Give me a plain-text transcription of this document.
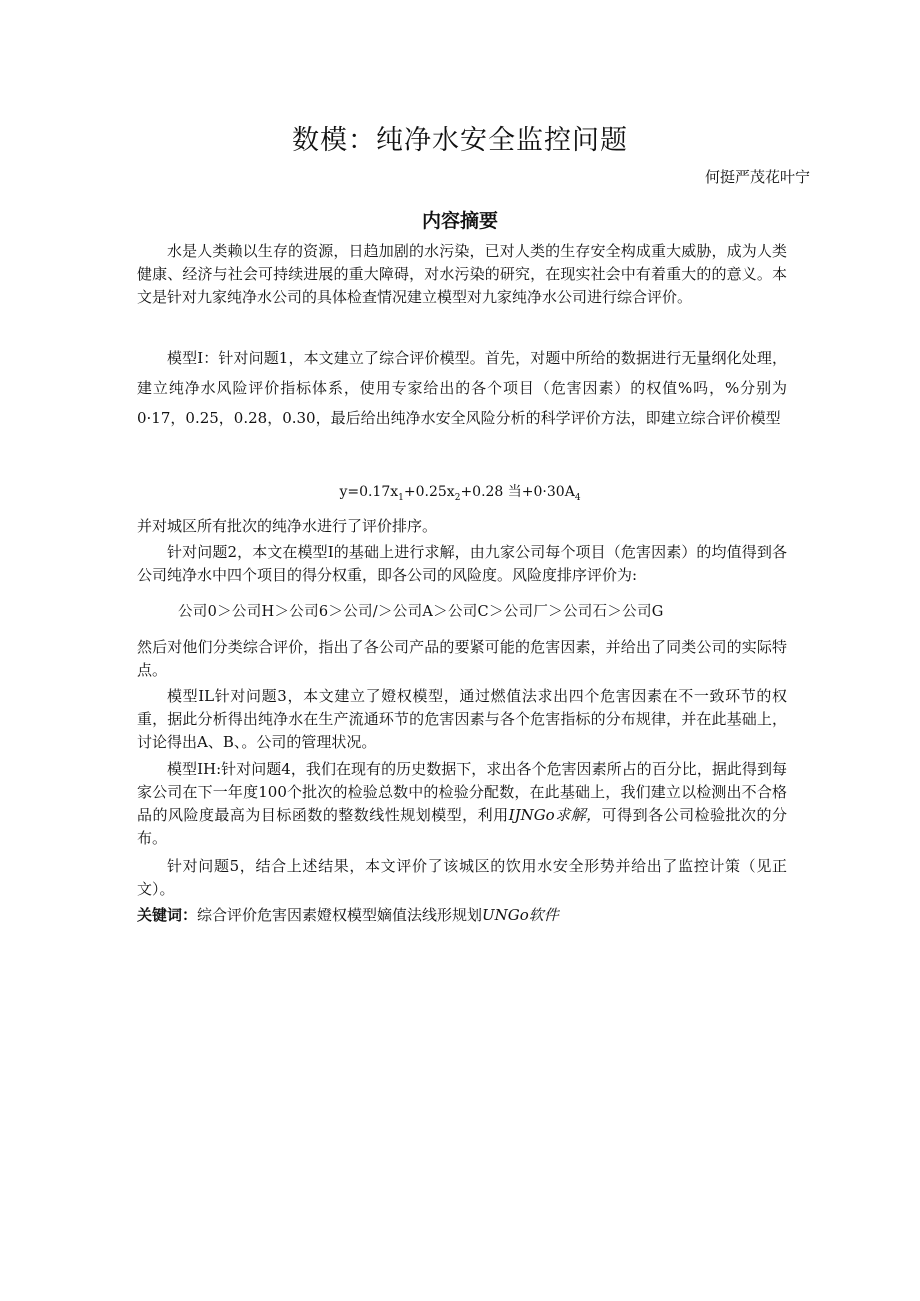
数模：纯净水安全监控问题
何挺严茂花叶宁
内容摘要

水是人类赖以生存的资源，日趋加剧的水污染，已对人类的生存安全构成重大威胁，成为人类健康、经济与社会可持续进展的重大障碍，对水污染的研究，在现实社会中有着重大的的意义。本文是针对九家纯净水公司的具体检查情况建立模型对九家纯净水公司进行综合评价。

模型I：针对问题1，本文建立了综合评价模型。首先，对题中所给的数据进行无量纲化处理，建立纯净水风险评价指标体系，使用专家给出的各个项目（危害因素）的权值%吗，%分别为0·17，0.25，0.28，0.30，最后给出纯净水安全风险分析的科学评价方法，即建立综合评价模型

$y=0.17x_1+0.25x_2+0.28$ 当$+0\cdot 30A_4$

并对城区所有批次的纯净水进行了评价排序。

针对问题2，本文在模型I的基础上进行求解，由九家公司每个项目（危害因素）的均值得到各公司纯净水中四个项目的得分权重，即各公司的风险度。风险度排序评价为:

公司0＞公司H＞公司6＞公司/＞公司A＞公司C＞公司厂＞公司石＞公司G

然后对他们分类综合评价，指出了各公司产品的要紧可能的危害因素，并给出了同类公司的实际特点。

模型IL针对问题3，本文建立了嬁权模型，通过燃值法求出四个危害因素在不一致环节的权重，据此分析得出纯净水在生产流通环节的危害因素与各个危害指标的分布规律，并在此基础上，讨论得出A、B、。公司的管理状况。

模型IH:针对问题4，我们在现有的历史数据下，求出各个危害因素所占的百分比，据此得到每家公司在下一年度100个批次的检验总数中的检验分配数，在此基础上，我们建立以检测出不合格品的风险度最高为目标函数的整数线性规划模型，利用IJNGo求解，可得到各公司检验批次的分布。

针对问题5，结合上述结果，本文评价了该城区的饮用水安全形势并给出了监控计策（见正文）。

关键词：综合评价危害因素嬁权模型嫡值法线形规划UNGo软件
